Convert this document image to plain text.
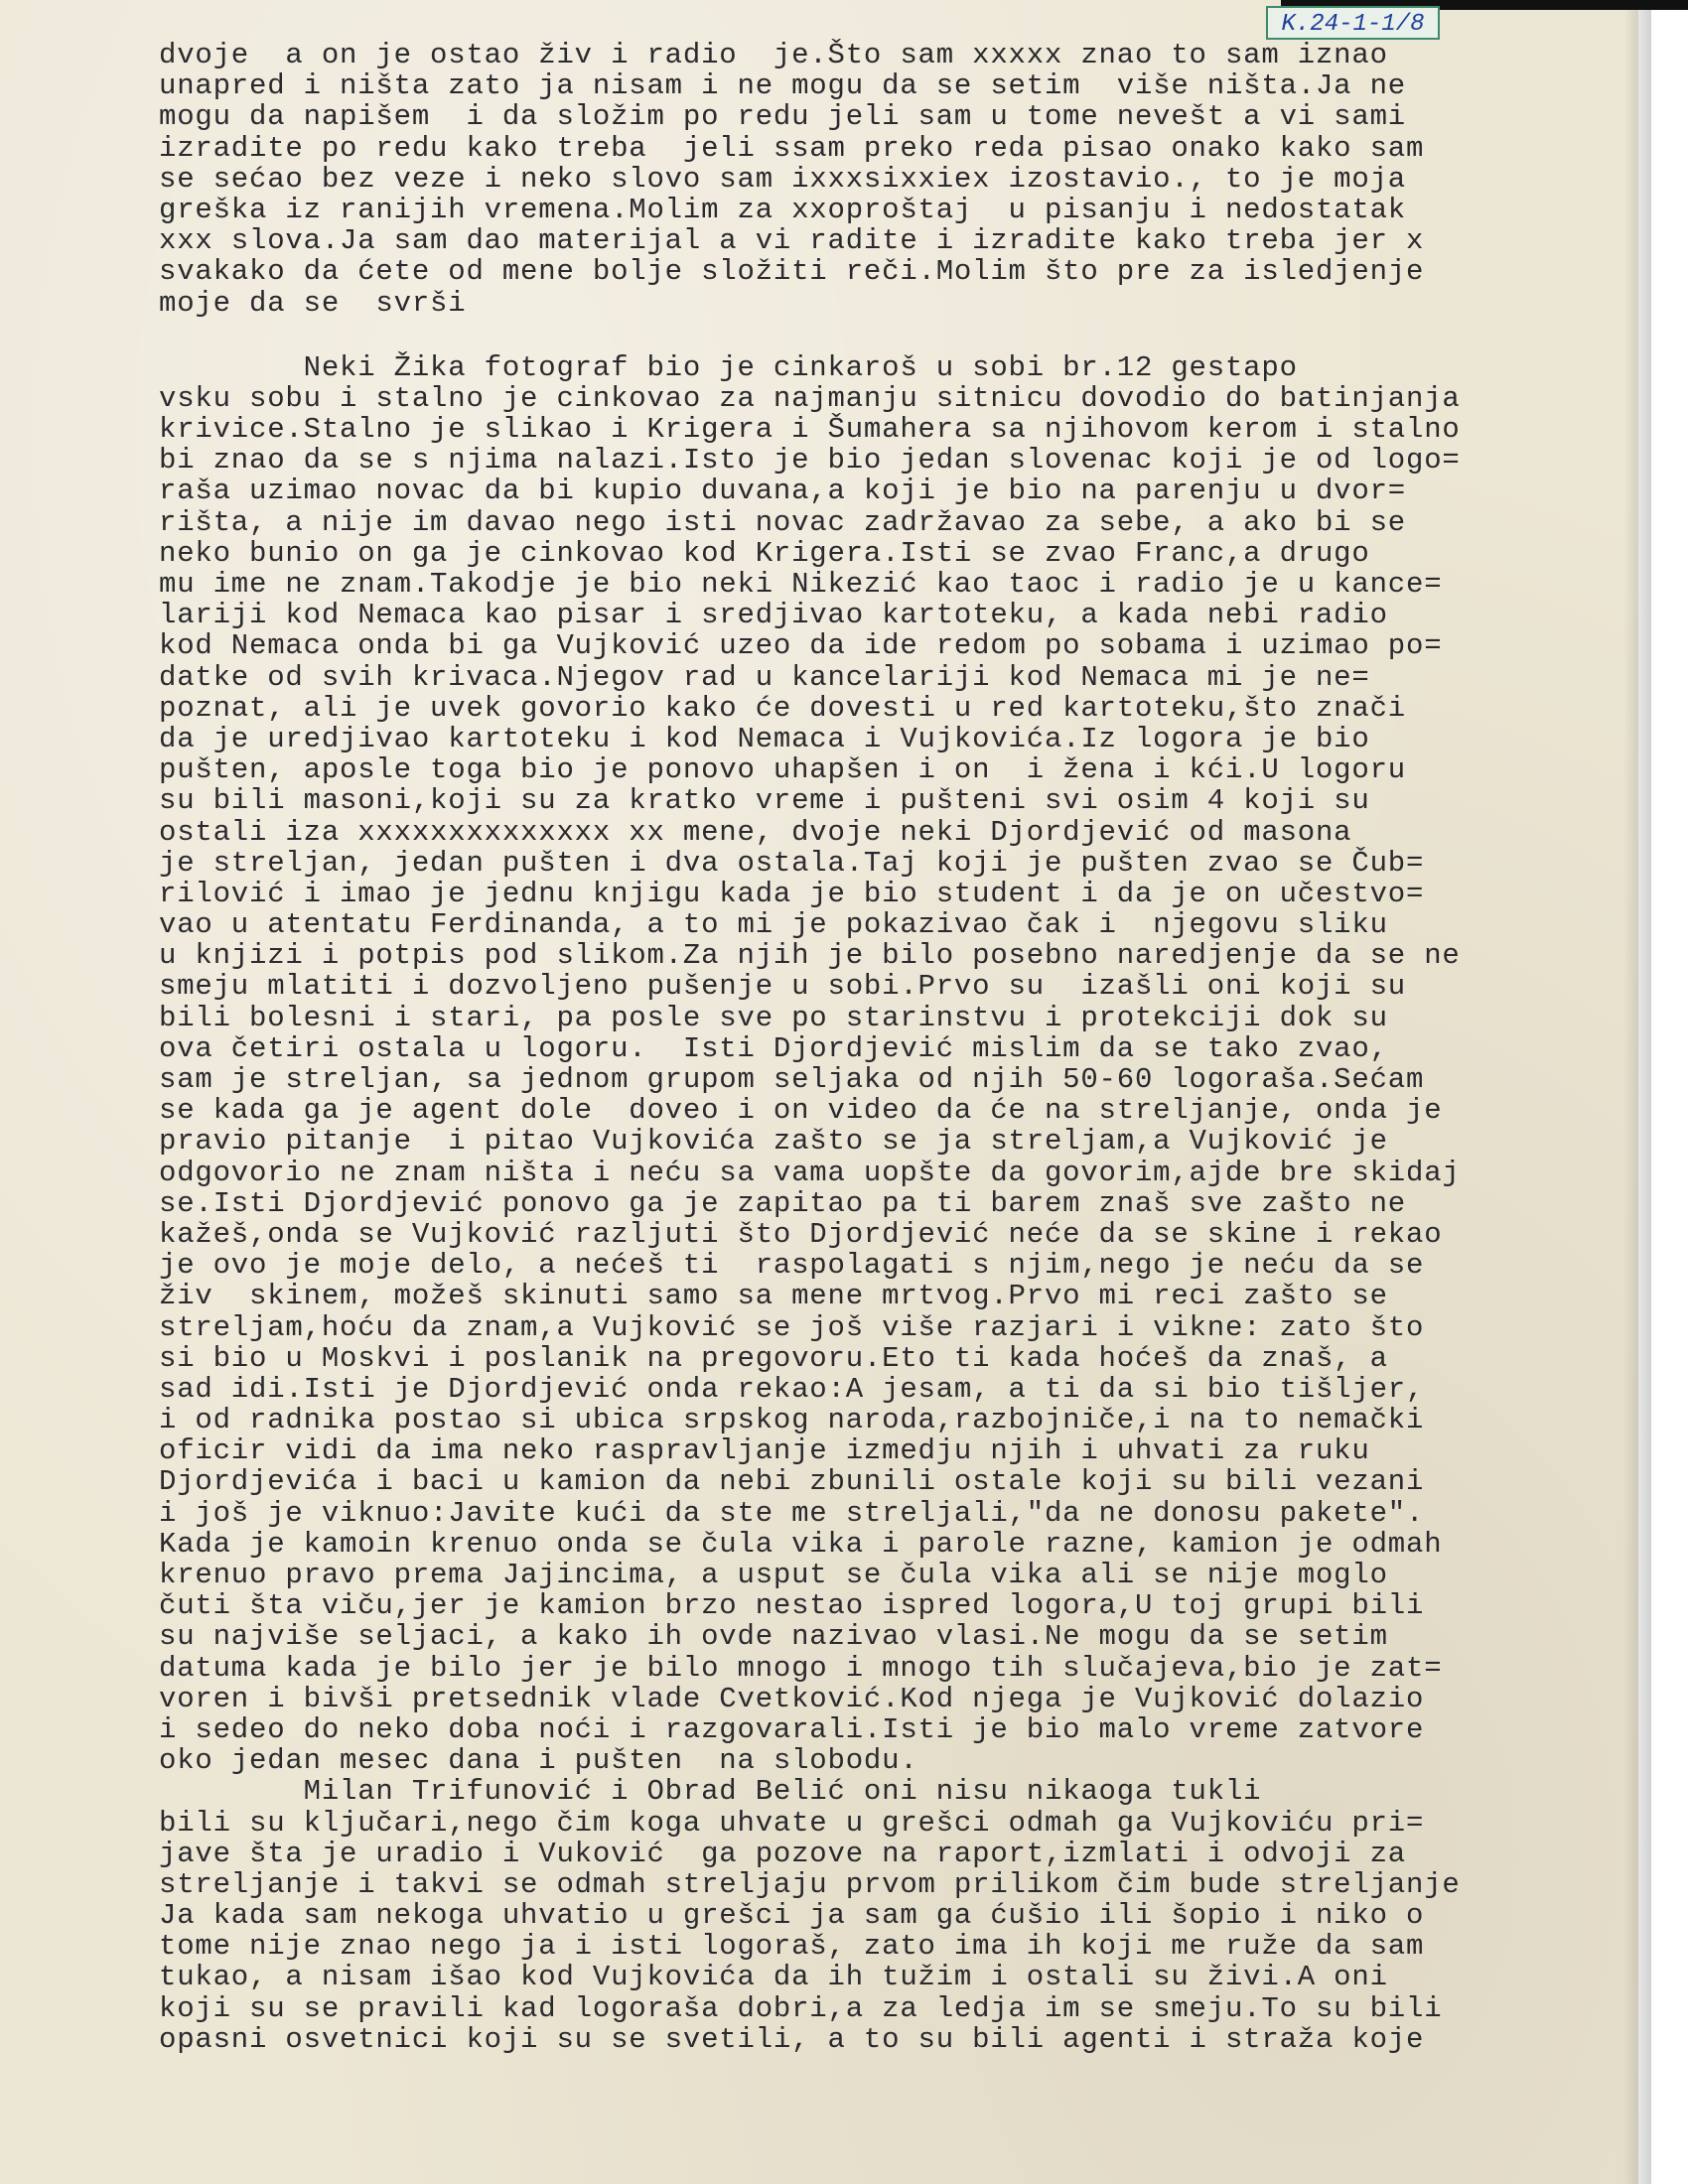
K.24-1-1/8
dvoje  a on je ostao živ i radio  je.Što sam xxxxx znao to sam iznao
unapred i ništa zato ja nisam i ne mogu da se setim  više ništa.Ja ne
mogu da napišem  i da složim po redu jeli sam u tome nevešt a vi sami
izradite po redu kako treba  jeli ssam preko reda pisao onako kako sam
se sećao bez veze i neko slovo sam ixxxsixxiex izostavio., to je moja
greška iz ranijih vremena.Molim za xxoproštaj  u pisanju i nedostatak
xxx slova.Ja sam dao materijal a vi radite i izradite kako treba jer x
svakako da ćete od mene bolje složiti reči.Molim što pre za isledjenje
moje da se  svrši
Neki Žika fotograf bio je cinkaroš u sobi br.12 gestapo
vsku sobu i stalno je cinkovao za najmanju sitnicu dovodio do batinjanja
krivice.Stalno je slikao i Krigera i Šumahera sa njihovom kerom i stalno
bi znao da se s njima nalazi.Isto je bio jedan slovenac koji je od logo=
raša uzimao novac da bi kupio duvana,a koji je bio na parenju u dvor=
rišta, a nije im davao nego isti novac zadržavao za sebe, a ako bi se
neko bunio on ga je cinkovao kod Krigera.Isti se zvao Franc,a drugo
mu ime ne znam.Takodje je bio neki Nikezić kao taoc i radio je u kance=
lariji kod Nemaca kao pisar i sredjivao kartoteku, a kada nebi radio
kod Nemaca onda bi ga Vujković uzeo da ide redom po sobama i uzimao po=
datke od svih krivaca.Njegov rad u kancelariji kod Nemaca mi je ne=
poznat, ali je uvek govorio kako će dovesti u red kartoteku,što znači
da je uredjivao kartoteku i kod Nemaca i Vujkovića.Iz logora je bio
pušten, aposle toga bio je ponovo uhapšen i on  i žena i kći.U logoru
su bili masoni,koji su za kratko vreme i pušteni svi osim 4 koji su
ostali iza xxxxxxxxxxxxxx xx mene, dvoje neki Djordjević od masona
je streljan, jedan pušten i dva ostala.Taj koji je pušten zvao se Čub=
rilović i imao je jednu knjigu kada je bio student i da je on učestvo=
vao u atentatu Ferdinanda, a to mi je pokazivao čak i  njegovu sliku
u knjizi i potpis pod slikom.Za njih je bilo posebno naredjenje da se ne
smeju mlatiti i dozvoljeno pušenje u sobi.Prvo su  izašli oni koji su
bili bolesni i stari, pa posle sve po starinstvu i protekciji dok su
ova četiri ostala u logoru.  Isti Djordjević mislim da se tako zvao,
sam je streljan, sa jednom grupom seljaka od njih 50-60 logoraša.Sećam
se kada ga je agent dole  doveo i on video da će na streljanje, onda je
pravio pitanje  i pitao Vujkovića zašto se ja streljam,a Vujković je
odgovorio ne znam ništa i neću sa vama uopšte da govorim,ajde bre skidaj
se.Isti Djordjević ponovo ga je zapitao pa ti barem znaš sve zašto ne
kažeš,onda se Vujković razljuti što Djordjević neće da se skine i rekao
je ovo je moje delo, a nećeš ti  raspolagati s njim,nego je neću da se
živ  skinem, možeš skinuti samo sa mene mrtvog.Prvo mi reci zašto se
streljam,hoću da znam,a Vujković se još više razjari i vikne: zato što
si bio u Moskvi i poslanik na pregovoru.Eto ti kada hoćeš da znaš, a
sad idi.Isti je Djordjević onda rekao:A jesam, a ti da si bio tišljer,
i od radnika postao si ubica srpskog naroda,razbojniče,i na to nemački
oficir vidi da ima neko raspravljanje izmedju njih i uhvati za ruku
Djordjevića i baci u kamion da nebi zbunili ostale koji su bili vezani
i još je viknuo:Javite kući da ste me streljali,"da ne donosu pakete".
Kada je kamoin krenuo onda se čula vika i parole razne, kamion je odmah
krenuo pravo prema Jajincima, a usput se čula vika ali se nije moglo
čuti šta viču,jer je kamion brzo nestao ispred logora,U toj grupi bili
su najviše seljaci, a kako ih ovde nazivao vlasi.Ne mogu da se setim
datuma kada je bilo jer je bilo mnogo i mnogo tih slučajeva,bio je zat=
voren i bivši pretsednik vlade Cvetković.Kod njega je Vujković dolazio
i sedeo do neko doba noći i razgovarali.Isti je bio malo vreme zatvore
oko jedan mesec dana i pušten  na slobodu.
Milan Trifunović i Obrad Belić oni nisu nikaoga tukli
bili su ključari,nego čim koga uhvate u grešci odmah ga Vujkoviću pri=
jave šta je uradio i Vuković  ga pozove na raport,izmlati i odvoji za
streljanje i takvi se odmah streljaju prvom prilikom čim bude streljanje
Ja kada sam nekoga uhvatio u grešci ja sam ga ćušio ili šopio i niko o
tome nije znao nego ja i isti logoraš, zato ima ih koji me ruže da sam
tukao, a nisam išao kod Vujkovića da ih tužim i ostali su živi.A oni
koji su se pravili kad logoraša dobri,a za ledja im se smeju.To su bili
opasni osvetnici koji su se svetili, a to su bili agenti i straža koje
